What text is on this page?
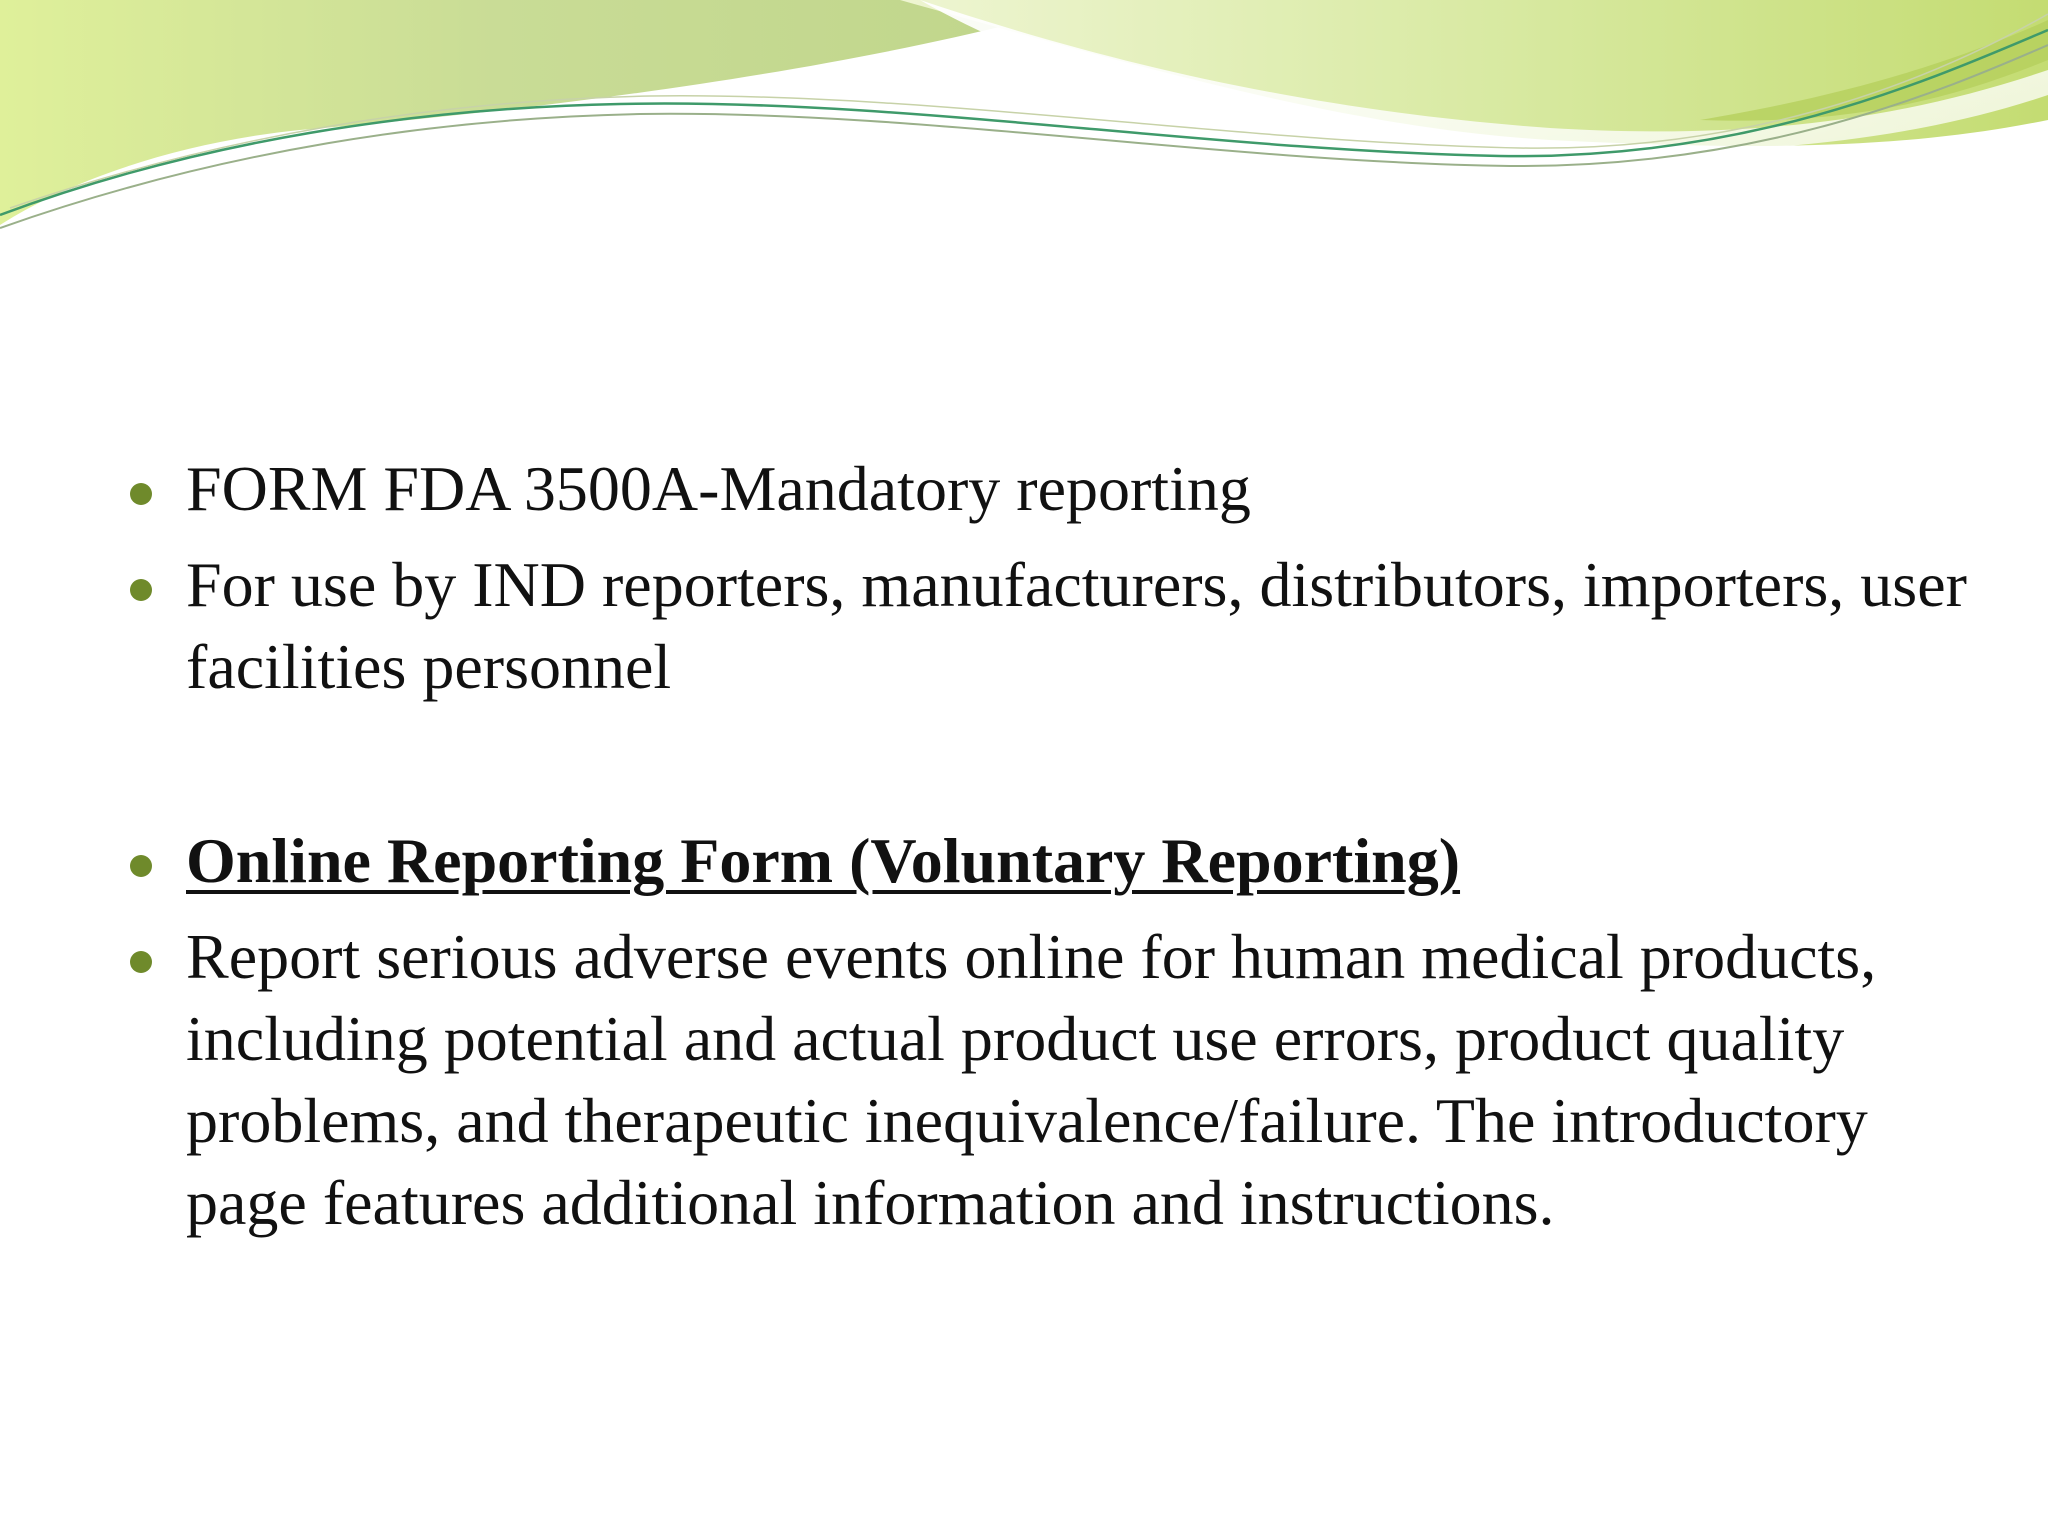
FORM FDA 3500A-Mandatory reporting
For use by IND reporters, manufacturers, distributors, importers, user facilities personnel
Online Reporting Form (Voluntary Reporting)
Report serious adverse events online for human medical products, including potential and actual product use errors, product quality problems, and therapeutic inequivalence/failure. The introductory page features additional information and instructions.
